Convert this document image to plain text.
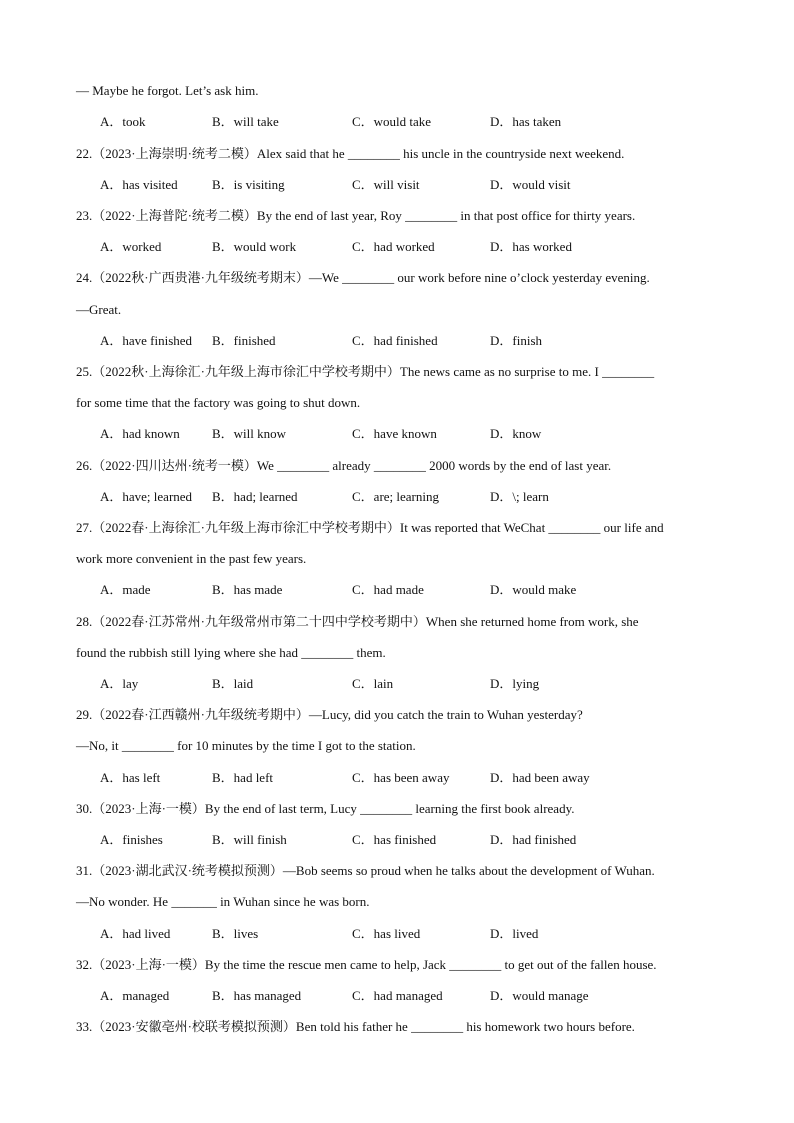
— Maybe he forgot. Let’s ask him.
A．took	B．will take	C．would take	D．has taken
22.（2023·上海崇明·统考二模）Alex said that he ________ his uncle in the countryside next weekend.
A．has visited	B．is visiting	C．will visit	D．would visit
23.（2022·上海普陀·统考二模）By the end of last year, Roy ________ in that post office for thirty years.
A．worked	B．would work	C．had worked	D．has worked
24.（2022秋·广西贵港·九年级统考期末）—We ________ our work before nine o’clock yesterday evening.
—Great.
A．have finished B．finished	C．had finished	D．finish
25.（2022秋·上海徐汇·九年级上海市徐汇中学校考期中）The news came as no surprise to me. I ________
for some time that the factory was going to shut down.
A．had known B．will know	C．have known	D．know
26.（2022·四川达州·统考一模）We ________ already ________ 2000 words by the end of last year.
A．have; learned B．had; learned	C．are; learning	D．\; learn
27.（2022春·上海徐汇·九年级上海市徐汇中学校考期中）It was reported that WeChat ________ our life and
work more convenient in the past few years.
A．made	B．has made	C．had made	D．would make
28.（2022春·江苏常州·九年级常州市第二十四中学校考期中）When she returned home from work, she
found the rubbish still lying where she had ________ them.
A．lay	B．laid	C．lain	D．lying
29.（2022春·江西赣州·九年级统考期中）—Lucy, did you catch the train to Wuhan yesterday?
—No, it ________ for 10 minutes by the time I got to the station.
A．has left	B．had left	C．has been away	D．had been away
30.（2023·上海·一模）By the end of last term, Lucy ________ learning the first book already.
A．finishes	B．will finish	C．has finished	D．had finished
31.（2023·湖北武汉·统考模拟预测）—Bob seems so proud when he talks about the development of Wuhan.
—No wonder. He _______ in Wuhan since he was born.
A．had lived	B．lives	C．has lived	D．lived
32.（2023·上海·一模）By the time the rescue men came to help, Jack ________ to get out of the fallen house.
A．managed	B．has managed	C．had managed	D．would manage
33.（2023·安徽亳州·校联考模拟预测）Ben told his father he ________ his homework two hours before.
